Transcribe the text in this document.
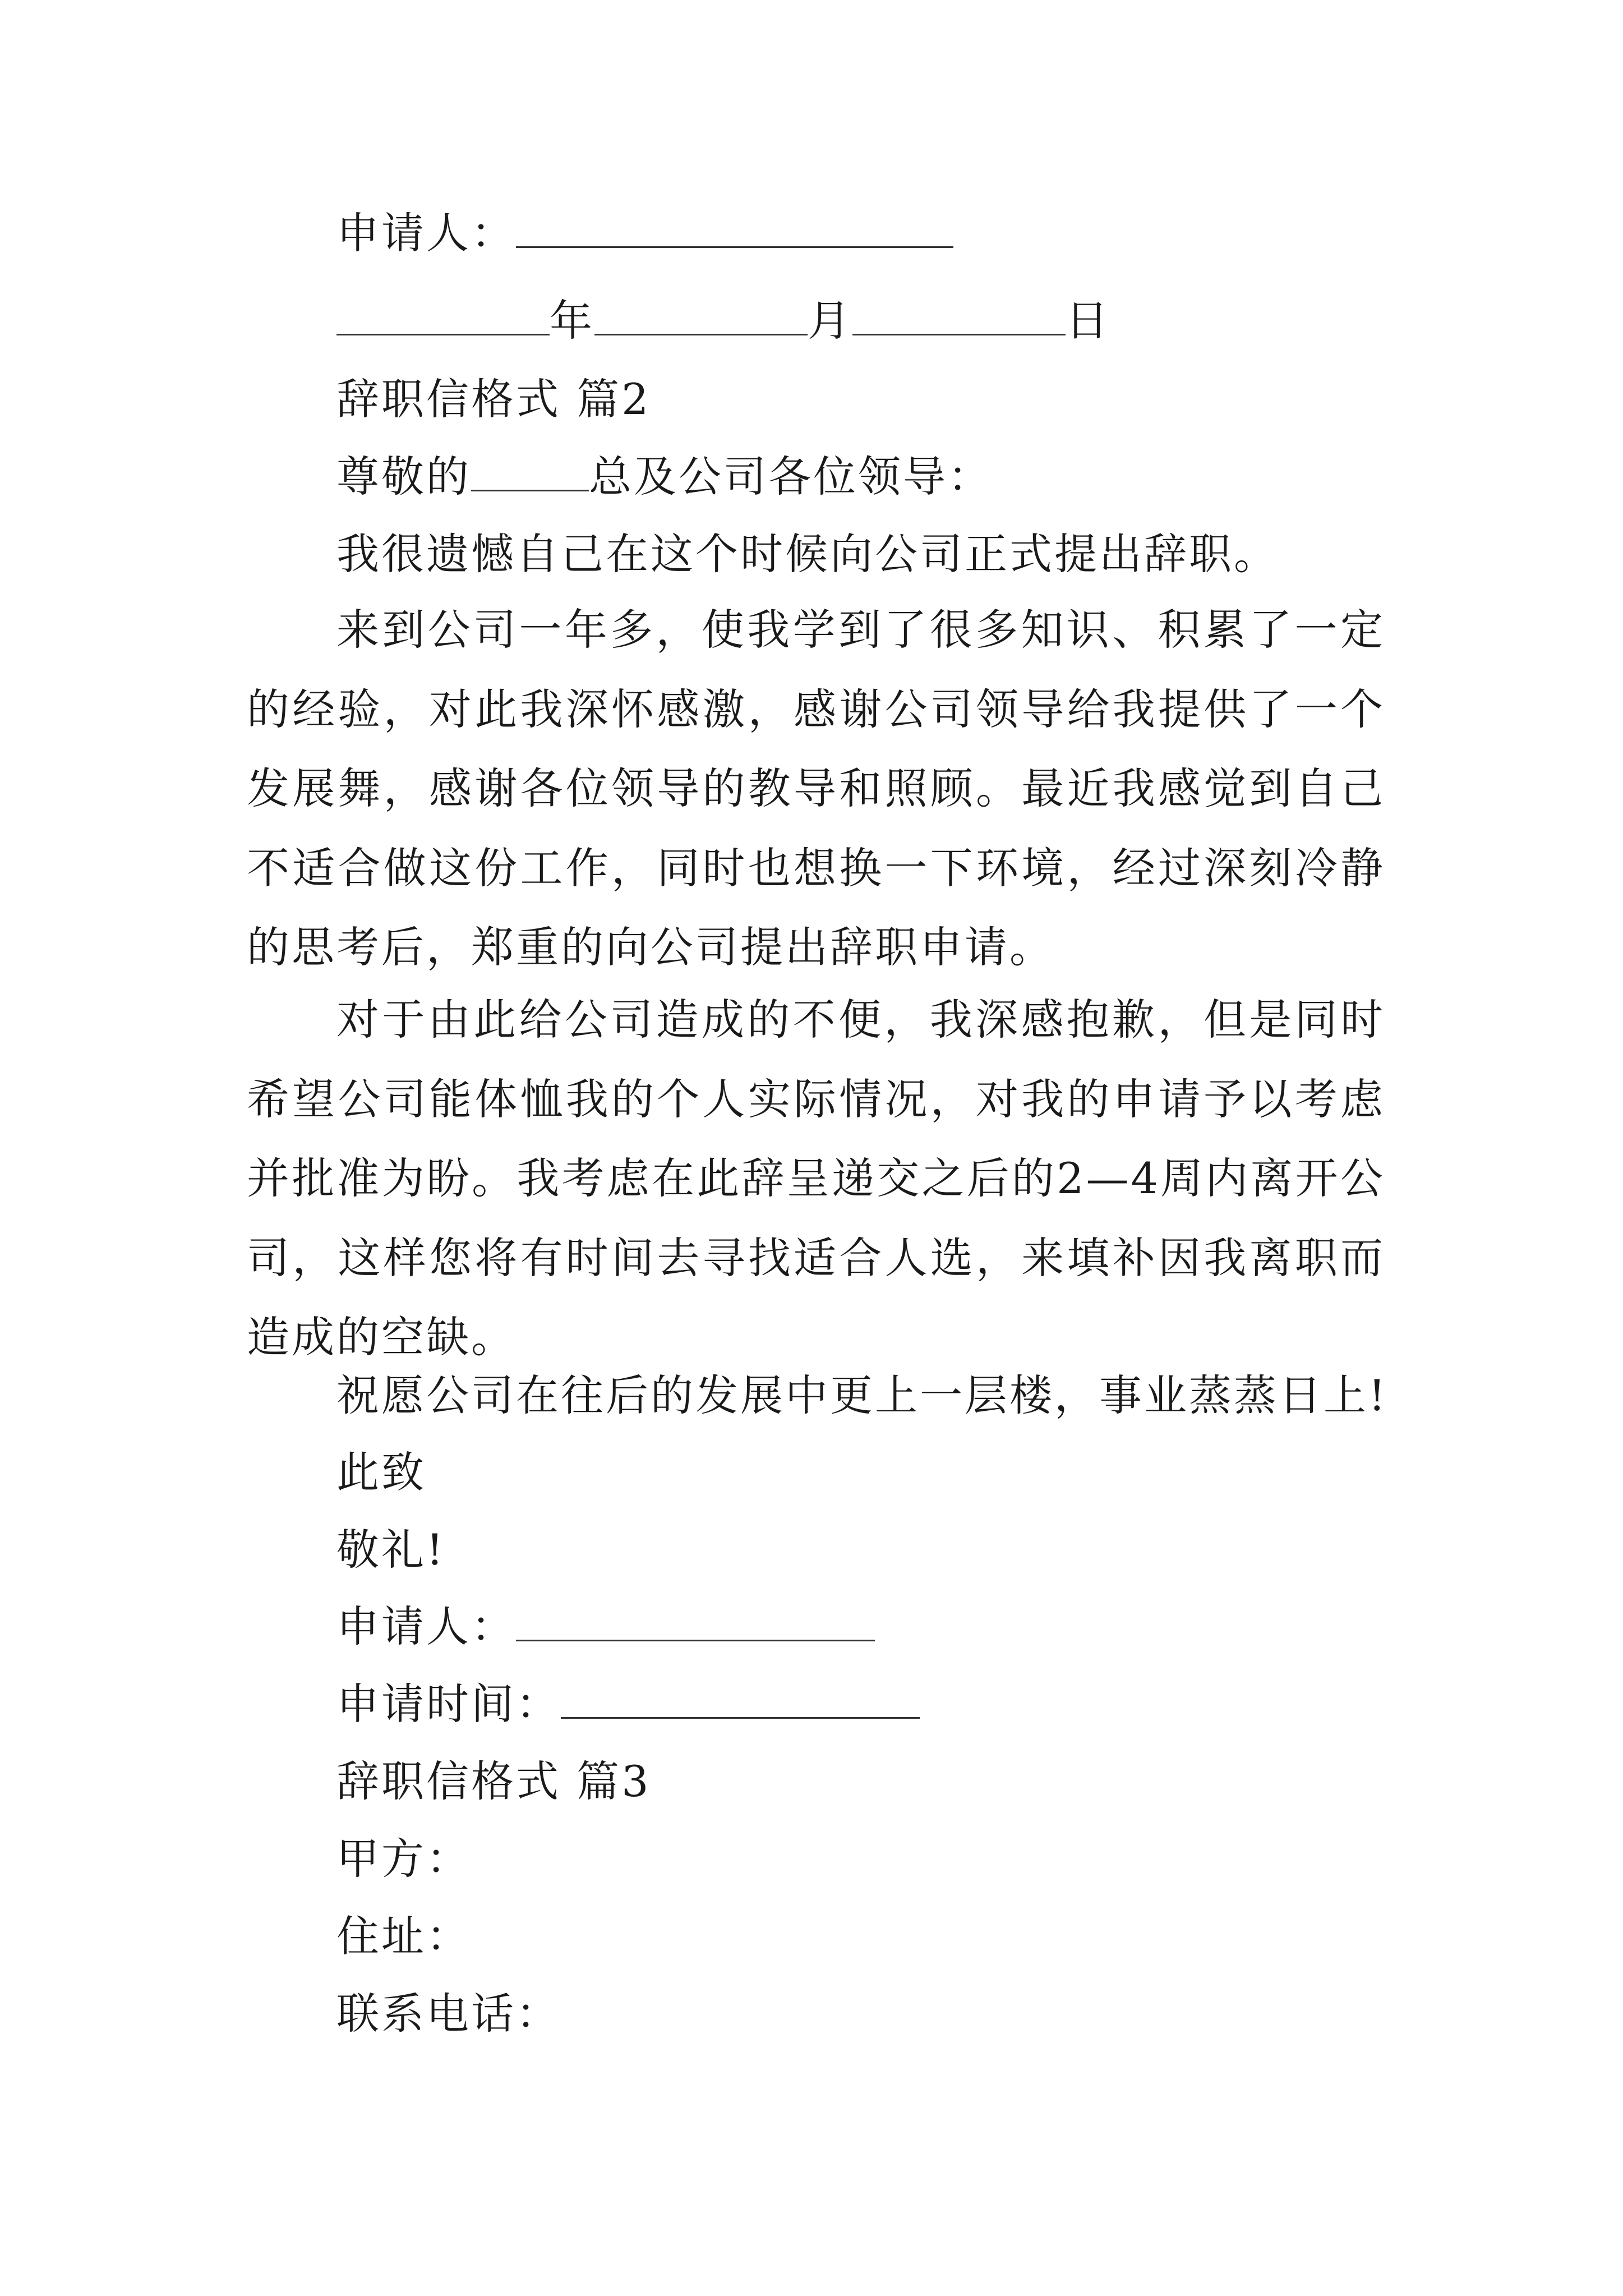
申请人：
年	月	日
辞职信格式 篇2
尊敬的	总及公司各位领导：
我很遗憾自己在这个时候向公司正式提出辞职。
来到公司一年多，使我学到了很多知识、积累了一定的经验，对此我深怀感激，感谢公司领导给我提供了一个发展舞，感谢各位领导的教导和照顾。最近我感觉到自己不适合做这份工作，同时也想换一下环境，经过深刻冷静的思考后，郑重的向公司提出辞职申请。
对于由此给公司造成的不便，我深感抱歉，但是同时希望公司能体恤我的个人实际情况，对我的申请予以考虑并批准为盼。我考虑在此辞呈递交之后的2—4周内离开公司，这样您将有时间去寻找适合人选，来填补因我离职而造成的空缺。
祝愿公司在往后的发展中更上一层楼，事业蒸蒸日上!
此致
敬礼!
申请人：
申请时间：
辞职信格式 篇3
甲方：
住址：
联系电话：
